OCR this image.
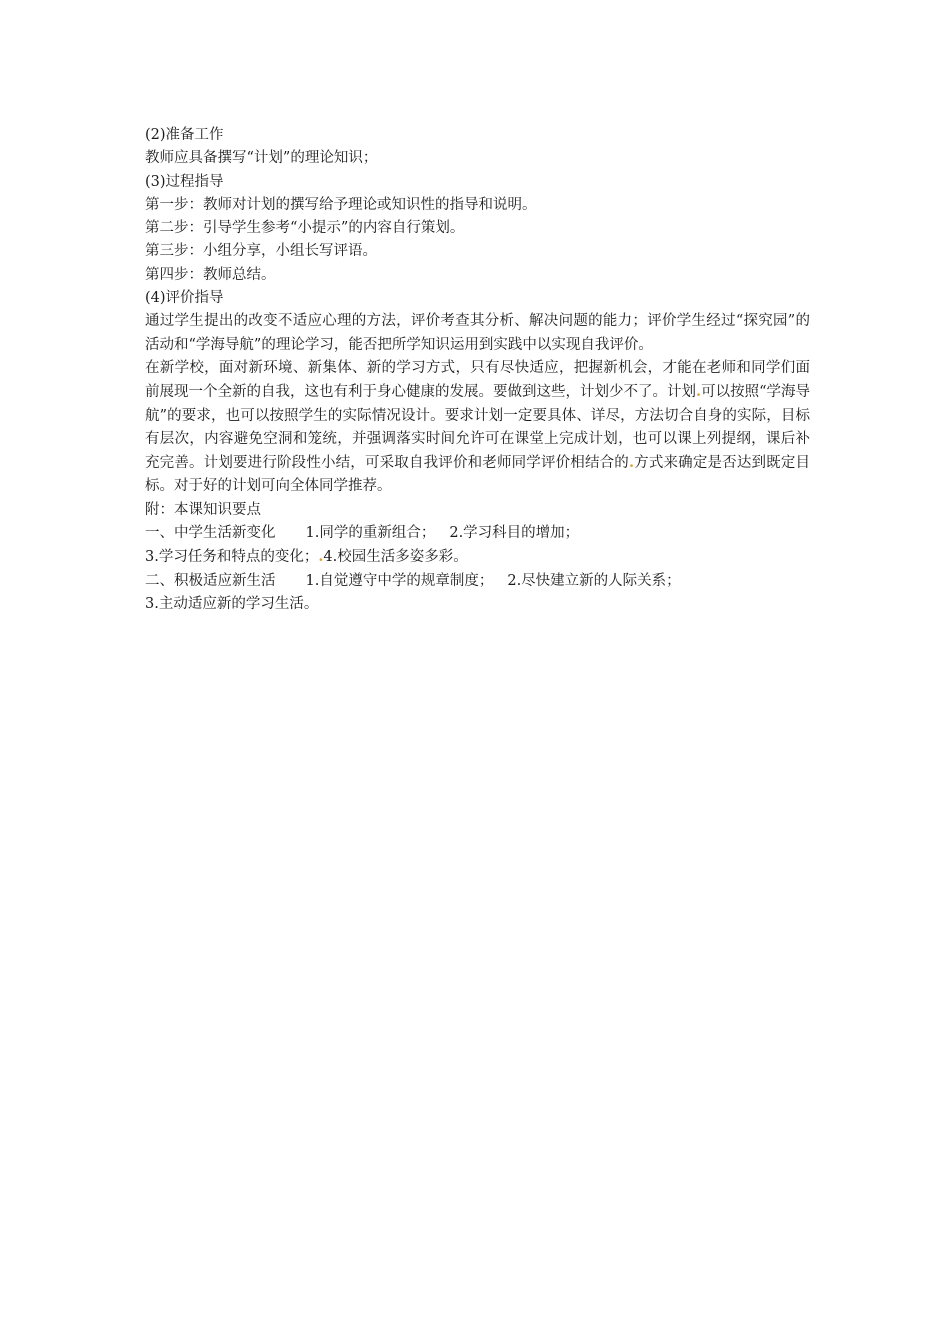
(2)准备工作

教师应具备撰写“计划”的理论知识；

(3)过程指导

第一步：教师对计划的撰写给予理论或知识性的指导和说明。

第二步：引导学生参考“小提示”的内容自行策划。

第三步：小组分享，小组长写评语。

第四步：教师总结。

(4)评价指导

通过学生提出的改变不适应心理的方法，评价考查其分析、解决问题的能力；评价学生经过“探究园”的活动和“学海导航”的理论学习，能否把所学知识运用到实践中以实现自我评价。

在新学校，面对新环境、新集体、新的学习方式，只有尽快适应，把握新机会，才能在老师和同学们面前展现一个全新的自我，这也有利于身心健康的发展。要做到这些，计划少不了。计划.可以按照“学海导航”的要求，也可以按照学生的实际情况设计。要求计划一定要具体、详尽，方法切合自身的实际，目标有层次，内容避免空洞和笼统，并强调落实时间允许可在课堂上完成计划，也可以课上列提纲，课后补充完善。计划要进行阶段性小结，可采取自我评价和老师同学评价相结合的.方式来确定是否达到既定目标。对于好的计划可向全体同学推荐。

附：本课知识要点

一、中学生活新变化 1.同学的重新组合； 2.学习科目的增加；

3.学习任务和特点的变化；.4.校园生活多姿多彩。

二、积极适应新生活 1.自觉遵守中学的规章制度； 2.尽快建立新的人际关系；

3.主动适应新的学习生活。
